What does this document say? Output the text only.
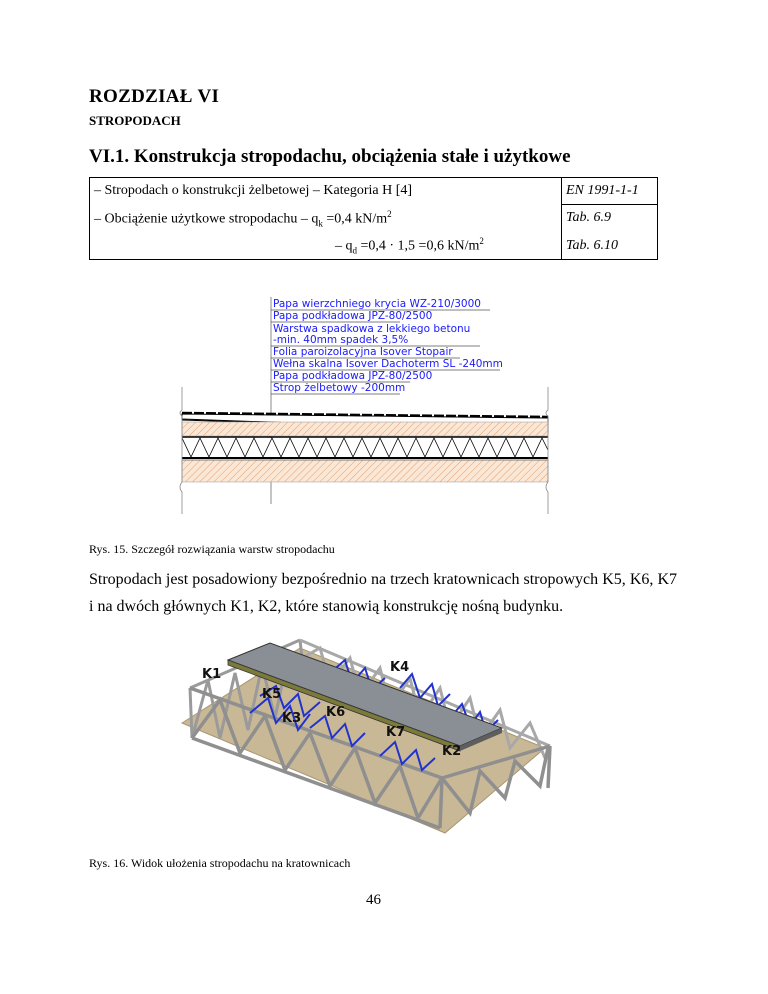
ROZDZIAŁ VI
STROPODACH
VI.1. Konstrukcja stropodachu, obciążenia stałe i użytkowe
– Stropodach o konstrukcji żelbetowej – Kategoria H [4]	EN 1991-1-1
– Obciążenie użytkowe stropodachu – $q_k =0,4$ $kN/m^2$	Tab. 6.9
– $q_d =0,4 \cdot 1,5 =0,6$ $kN/m^2$	Tab. 6.10
Papa wierzchniego krycia WZ-210/3000
Papa podkładowa JPZ-80/2500
Warstwa spadkowa z lekkiego betonu
-min. 40mm spadek 3,5%
Folia paroizolacyjna Isover Stopair
Wełna skalna Isover Dachoterm SL -240mm
Papa podkładowa JPZ-80/2500
Strop żelbetowy -200mm
Rys. 15. Szczegół rozwiązania warstw stropodachu
Stropodach jest posadowiony bezpośrednio na trzech kratownicach stropowych K5, K6, K7 i na dwóch głównych K1, K2, które stanowią konstrukcję nośną budynku.
K1	K4
K5
K3 K6
K7
K2
Rys. 16. Widok ułożenia stropodachu na kratownicach
46
